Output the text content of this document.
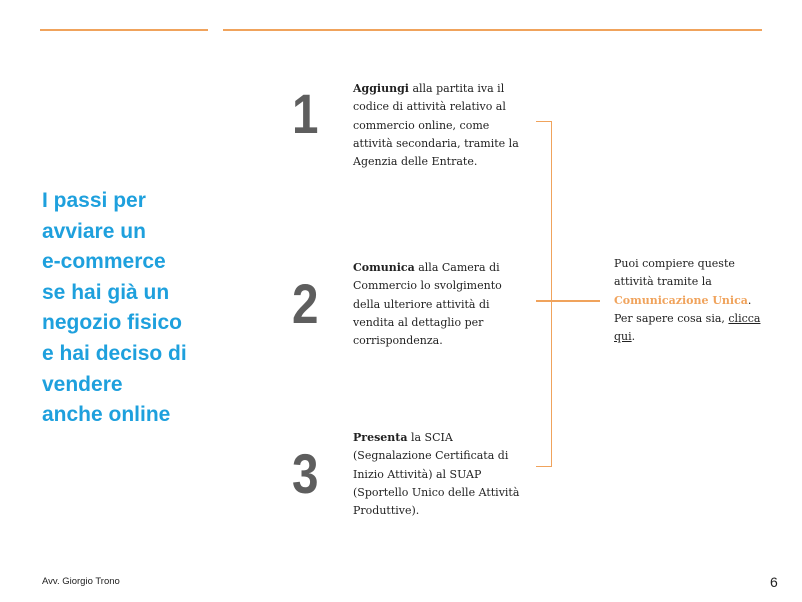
I passi per
avviare un
e-commerce
se hai già un
negozio fisico
e hai deciso di
vendere
anche online
1	Aggiungi alla partita iva il codice di attività relativo al commercio online, come attività secondaria, tramite la Agenzia delle Entrate.
2
Comunica alla Camera di Commercio lo svolgimento della ulteriore attività di vendita al dettaglio per corrispondenza.
3
Presenta la SCIA (Segnalazione Certificata di Inizio Attività) al SUAP (Sportello Unico delle Attività Produttive).
Puoi compiere queste attività tramite la Comunicazione Unica. Per sapere cosa sia, clicca qui.
Avv. Giorgio Trono	6
